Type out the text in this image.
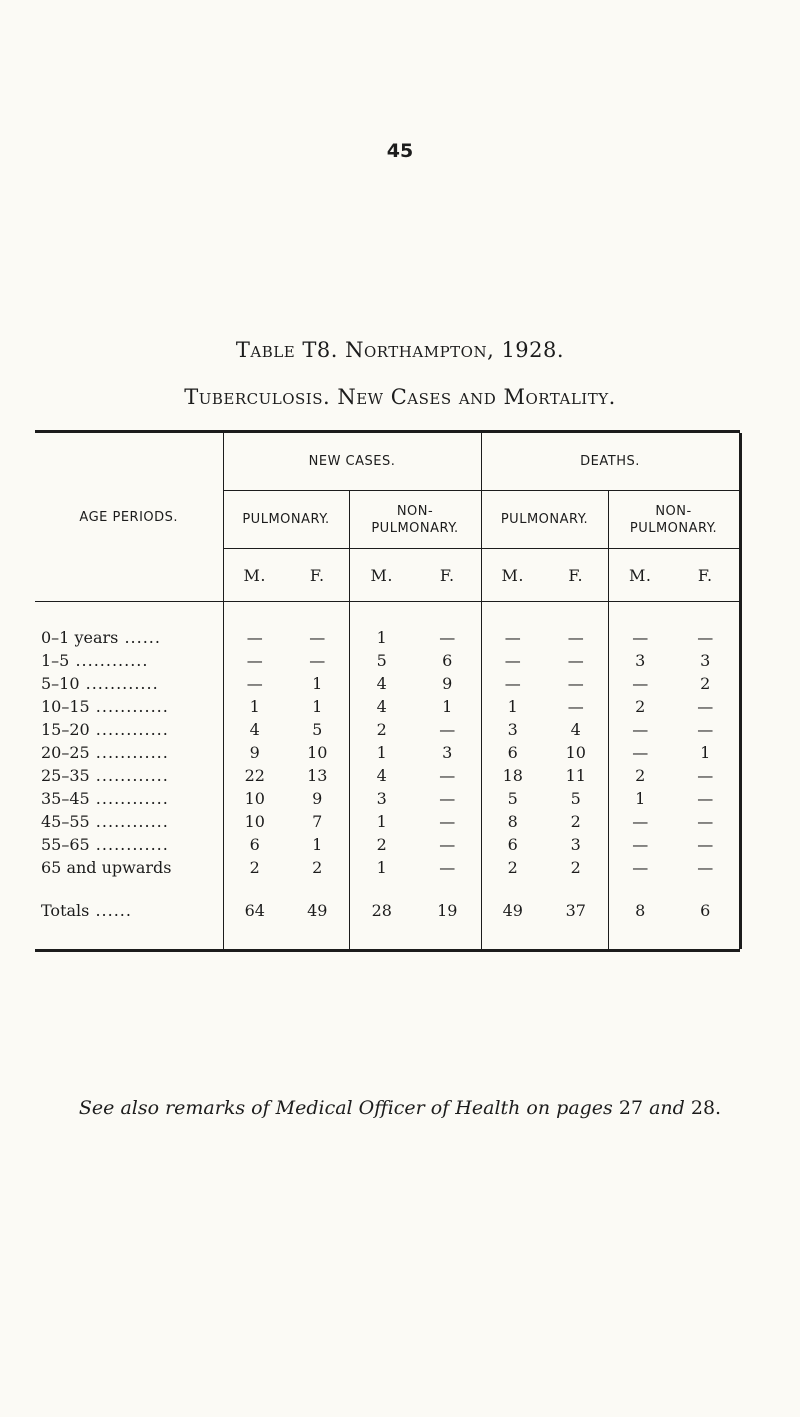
45
Table T8. Northampton, 1928.
Tuberculosis. New Cases and Mortality.
AGE PERIODS.	NEW CASES.				DEATHS.			
	PULMONARY.		NON-
PULMONARY.		PULMONARY.		NON-
PULMONARY.	
	M.	F.	M.	F.	M.	F.	M.	F.

0–1 years ......	—	—	1	—	—	—	—	—
1–5 ............	—	—	5	6	—	—	3	3
5–10 ............	—	1	4	9	—	—	—	2
10–15 ............	1	1	4	1	1	—	2	—
15–20 ............	4	5	2	—	3	4	—	—
20–25 ............	9	10	1	3	6	10	—	1
25–35 ............	22	13	4	—	18	11	2	—
35–45 ............	10	9	3	—	5	5	1	—
45–55 ............	10	7	1	—	8	2	—	—
55–65 ............	6	1	2	—	6	3	—	—
65 and upwards	2	2	1	—	2	2	—	—

Totals ......	64	49	28	19	49	37	8	6
See also remarks of Medical Officer of Health on pages 27 and 28.
